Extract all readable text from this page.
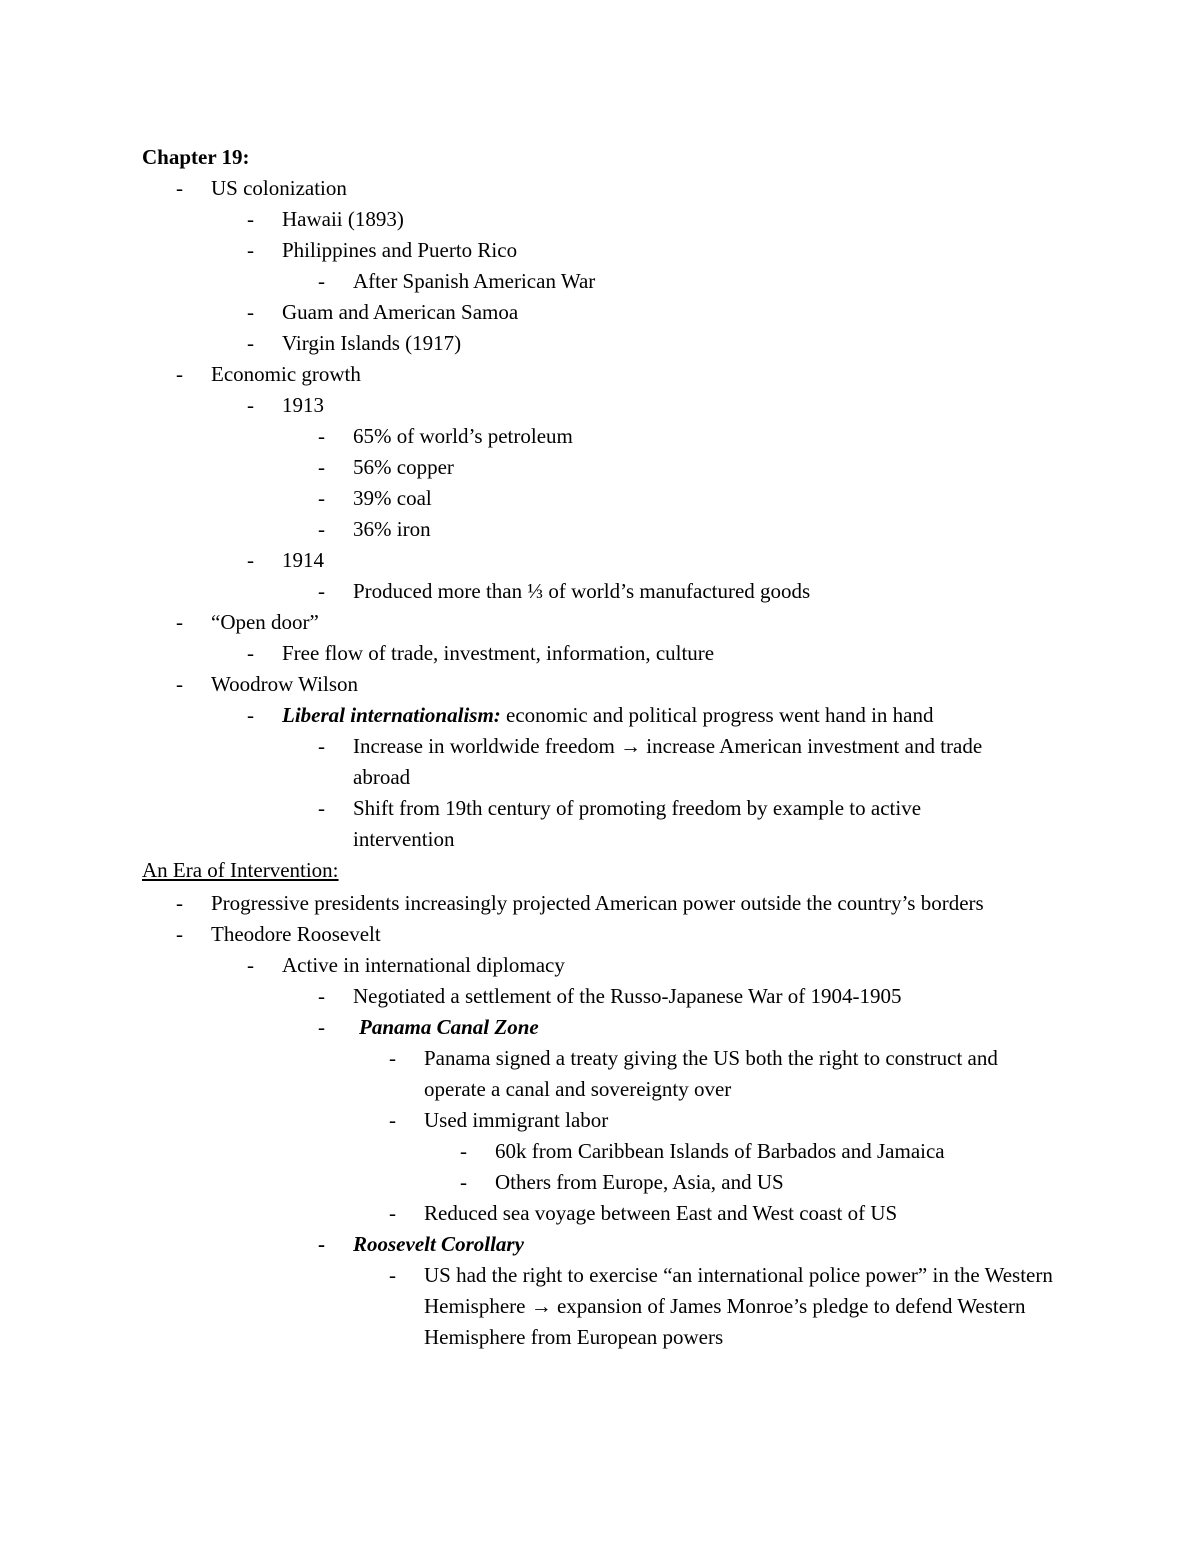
Chapter 19:
-	US colonization
-	Hawaii (1893)
-	Philippines and Puerto Rico
-	After Spanish American War
-	Guam and American Samoa
-	Virgin Islands (1917)
-	Economic growth
-	1913
-	65% of world’s petroleum
-	56% copper
-	39% coal
-	36% iron
-	1914
-	Produced more than ⅓ of world’s manufactured goods
-	“Open door”
-	Free flow of trade, investment, information, culture
-	Woodrow Wilson
-	Liberal internationalism: economic and political progress went hand in hand
-	Increase in worldwide freedom → increase American investment and trade abroad
-	Shift from 19th century of promoting freedom by example to active intervention
An Era of Intervention:
-	Progressive presidents increasingly projected American power outside the country’s borders
-	Theodore Roosevelt
-	Active in international diplomacy
-	Negotiated a settlement of the Russo-Japanese War of 1904-1905
-	Panama Canal Zone
-	Panama signed a treaty giving the US both the right to construct and operate a canal and sovereignty over
-	Used immigrant labor
-	60k from Caribbean Islands of Barbados and Jamaica
-	Others from Europe, Asia, and US
-	Reduced sea voyage between East and West coast of US
-	Roosevelt Corollary
-	US had the right to exercise “an international police power” in the Western Hemisphere → expansion of James Monroe’s pledge to defend Western Hemisphere from European powers
